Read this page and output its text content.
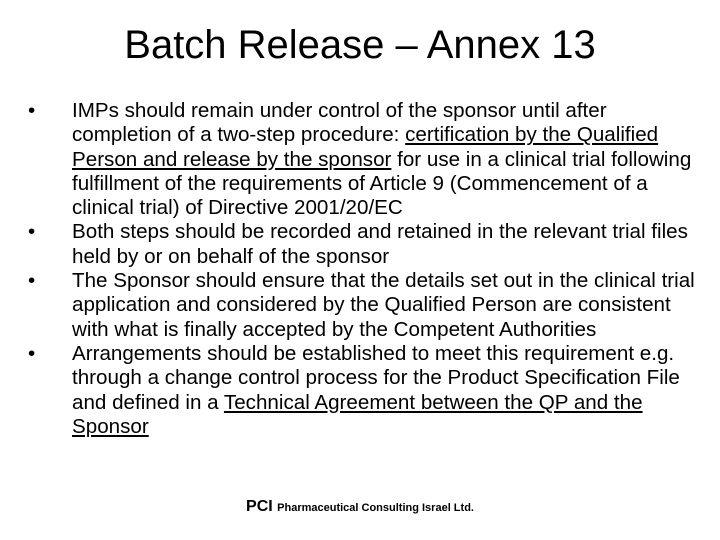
Batch Release – Annex 13
•	IMPs should remain under control of the sponsor until after completion of a two-step procedure: certification by the Qualified Person and release by the sponsor for use in a clinical trial following fulfillment of the requirements of Article 9 (Commencement of a clinical trial) of Directive 2001/20/EC
•	Both steps should be recorded and retained in the relevant trial files held by or on behalf of the sponsor
•	The Sponsor should ensure that the details set out in the clinical trial application and considered by the Qualified Person are consistent with what is finally accepted by the Competent Authorities
•	Arrangements should be established to meet this requirement e.g. through a change control process for the Product Specification File and defined in a Technical Agreement between the QP and the Sponsor
PCI Pharmaceutical Consulting Israel Ltd.
